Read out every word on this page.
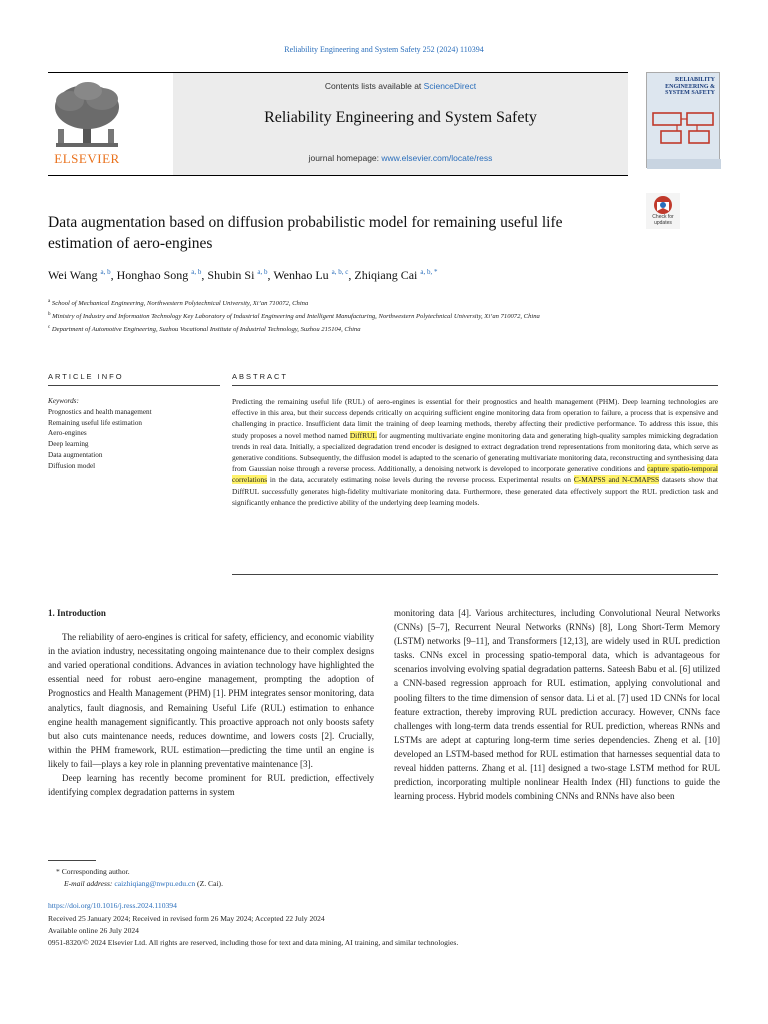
Reliability Engineering and System Safety 252 (2024) 110394
ELSEVIER
Contents lists available at ScienceDirect
Reliability Engineering and System Safety
journal homepage: www.elsevier.com/locate/ress
RELIABILITY ENGINEERING & SYSTEM SAFETY
Data augmentation based on diffusion probabilistic model for remaining useful life estimation of aero-engines
Check for updates
Wei Wang $^{a, b}$, Honghao Song $^{a, b}$, Shubin Si $^{a, b}$, Wenhao Lu $^{a, b, c}$, Zhiqiang Cai $^{a, b, *}$
$^a$ School of Mechanical Engineering, Northwestern Polytechnical University, Xi’an 710072, China
$^b$ Ministry of Industry and Information Technology Key Laboratory of Industrial Engineering and Intelligent Manufacturing, Northwestern Polytechnical University, Xi’an 710072, China
$^c$ Department of Automotive Engineering, Suzhou Vocational Institute of Industrial Technology, Suzhou 215104, China
ARTICLE INFO	ABSTRACT
Keywords:
Prognostics and health management
Remaining useful life estimation
Aero-engines
Deep learning
Data augmentation
Diffusion model
Predicting the remaining useful life (RUL) of aero-engines is essential for their prognostics and health management (PHM). Deep learning technologies are effective in this area, but their success depends critically on acquiring sufficient engine monitoring data from operation to failure, a process that is expensive and challenging in practice. Insufficient data limit the training of deep learning methods, thereby affecting their predictive performance. To address this issue, this study proposes a novel method named DiffRUL for augmenting multivariate engine monitoring data and generating high-quality samples mimicking degradation trends in real data. Initially, a specialized degradation trend encoder is designed to extract degradation trend representations from monitoring data, which serve as generative conditions. Subsequently, the diffusion model is adapted to the scenario of generating multivariate monitoring data, reconstructing and synthesising data from Gaussian noise through a reverse process. Additionally, a denoising network is developed to incorporate generative conditions and capture spatio-temporal correlations in the data, accurately estimating noise levels during the reverse process. Experimental results on C-MAPSS and N-CMAPSS datasets show that DiffRUL successfully generates high-fidelity multivariate monitoring data. Furthermore, these generated data effectively support the RUL prediction task and significantly enhance the predictive ability of the underlying deep learning models.

1. Introduction

The reliability of aero-engines is critical for safety, efficiency, and economic viability in the aviation industry, necessitating ongoing maintenance due to their complex designs and varied operational conditions. Advances in aviation technology have highlighted the essential need for robust aero-engine management, prompting the adoption of Prognostics and Health Management (PHM) [1]. PHM integrates sensor monitoring, data analytics, fault diagnosis, and Remaining Useful Life (RUL) estimation to enhance engine health management significantly. This proactive approach not only boosts safety but also cuts maintenance needs, reduces downtime, and lowers costs [2]. Crucially, within the PHM framework, RUL estimation—predicting the time until an engine is likely to fail—plays a key role in planning preventative maintenance [3].

Deep learning has recently become prominent for RUL prediction, effectively identifying complex degradation patterns in system

monitoring data [4]. Various architectures, including Convolutional Neural Networks (CNNs) [5–7], Recurrent Neural Networks (RNNs) [8], Long Short-Term Memory (LSTM) networks [9–11], and Transformers [12,13], are widely used in RUL prediction tasks. CNNs excel in processing spatio-temporal data, which is advantageous for scenarios involving evolving spatial degradation patterns. Sateesh Babu et al. [6] utilized a CNN-based regression approach for RUL estimation, applying convolutional and pooling filters to the time dimension of sensor data. Li et al. [7] used 1D CNNs for local feature extraction, thereby improving RUL prediction accuracy. However, CNNs face challenges with long-term data trends essential for RUL prediction, whereas RNNs and LSTMs are adept at capturing long-term time series dependencies. Zheng et al. [10] developed an LSTM-based method for RUL estimation that harnesses sequential data to reveal hidden patterns. Zhang et al. [11] designed a two-stage LSTM method for RUL prediction, incorporating multiple nonlinear Health Index (HI) functions to guide the learning process. Hybrid models combining CNNs and RNNs have also been

* Corresponding author.
E-mail address: caizhiqiang@nwpu.edu.cn (Z. Cai).
https://doi.org/10.1016/j.ress.2024.110394
Received 25 January 2024; Received in revised form 26 May 2024; Accepted 22 July 2024
Available online 26 July 2024
0951-8320/© 2024 Elsevier Ltd. All rights are reserved, including those for text and data mining, AI training, and similar technologies.
